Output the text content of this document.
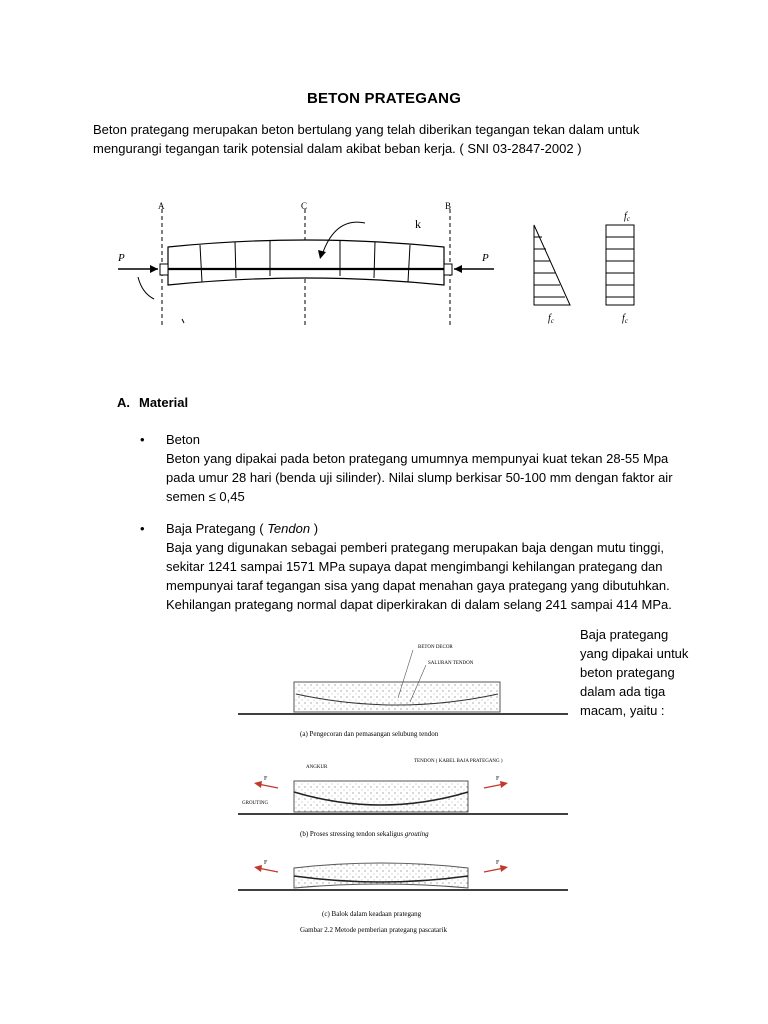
BETON PRATEGANG
Beton prategang merupakan beton bertulang yang telah diberikan tegangan tekan dalam untuk mengurangi tegangan tarik potensial dalam akibat beban kerja. ( SNI 03-2847-2002 )
A	C	B
k
P	P
$f_c$
$f_c$
$f_c$
A. Material
• Beton
Beton yang dipakai pada beton prategang umumnya mempunyai kuat tekan 28-55 Mpa pada umur 28 hari (benda uji silinder). Nilai slump berkisar 50-100 mm dengan faktor air semen ≤ 0,45
• Baja Prategang ( Tendon )
Baja yang digunakan sebagai pemberi prategang merupakan baja dengan mutu tinggi, sekitar 1241 sampai 1571 MPa supaya dapat mengimbangi kehilangan prategang dan mempunyai taraf tegangan sisa yang dapat menahan gaya prategang yang dibutuhkan. Kehilangan prategang normal dapat diperkirakan di dalam selang 241 sampai 414 MPa.
Baja prategang yang dipakai untuk beton prategang dalam ada tiga macam, yaitu :
BETON DECOR
SALURAN TENDON
(a) Pengecoran dan pemasangan selubung tendon
F	F
ANGKUR
TENDON ( KABEL BAJA PRATEGANG )
GROUTING
(b) Proses stressing tendon sekaligus grouting
F	F
(c) Balok dalam keadaan prategang
Gambar 2.2 Metode pemberian prategang pascatarik
